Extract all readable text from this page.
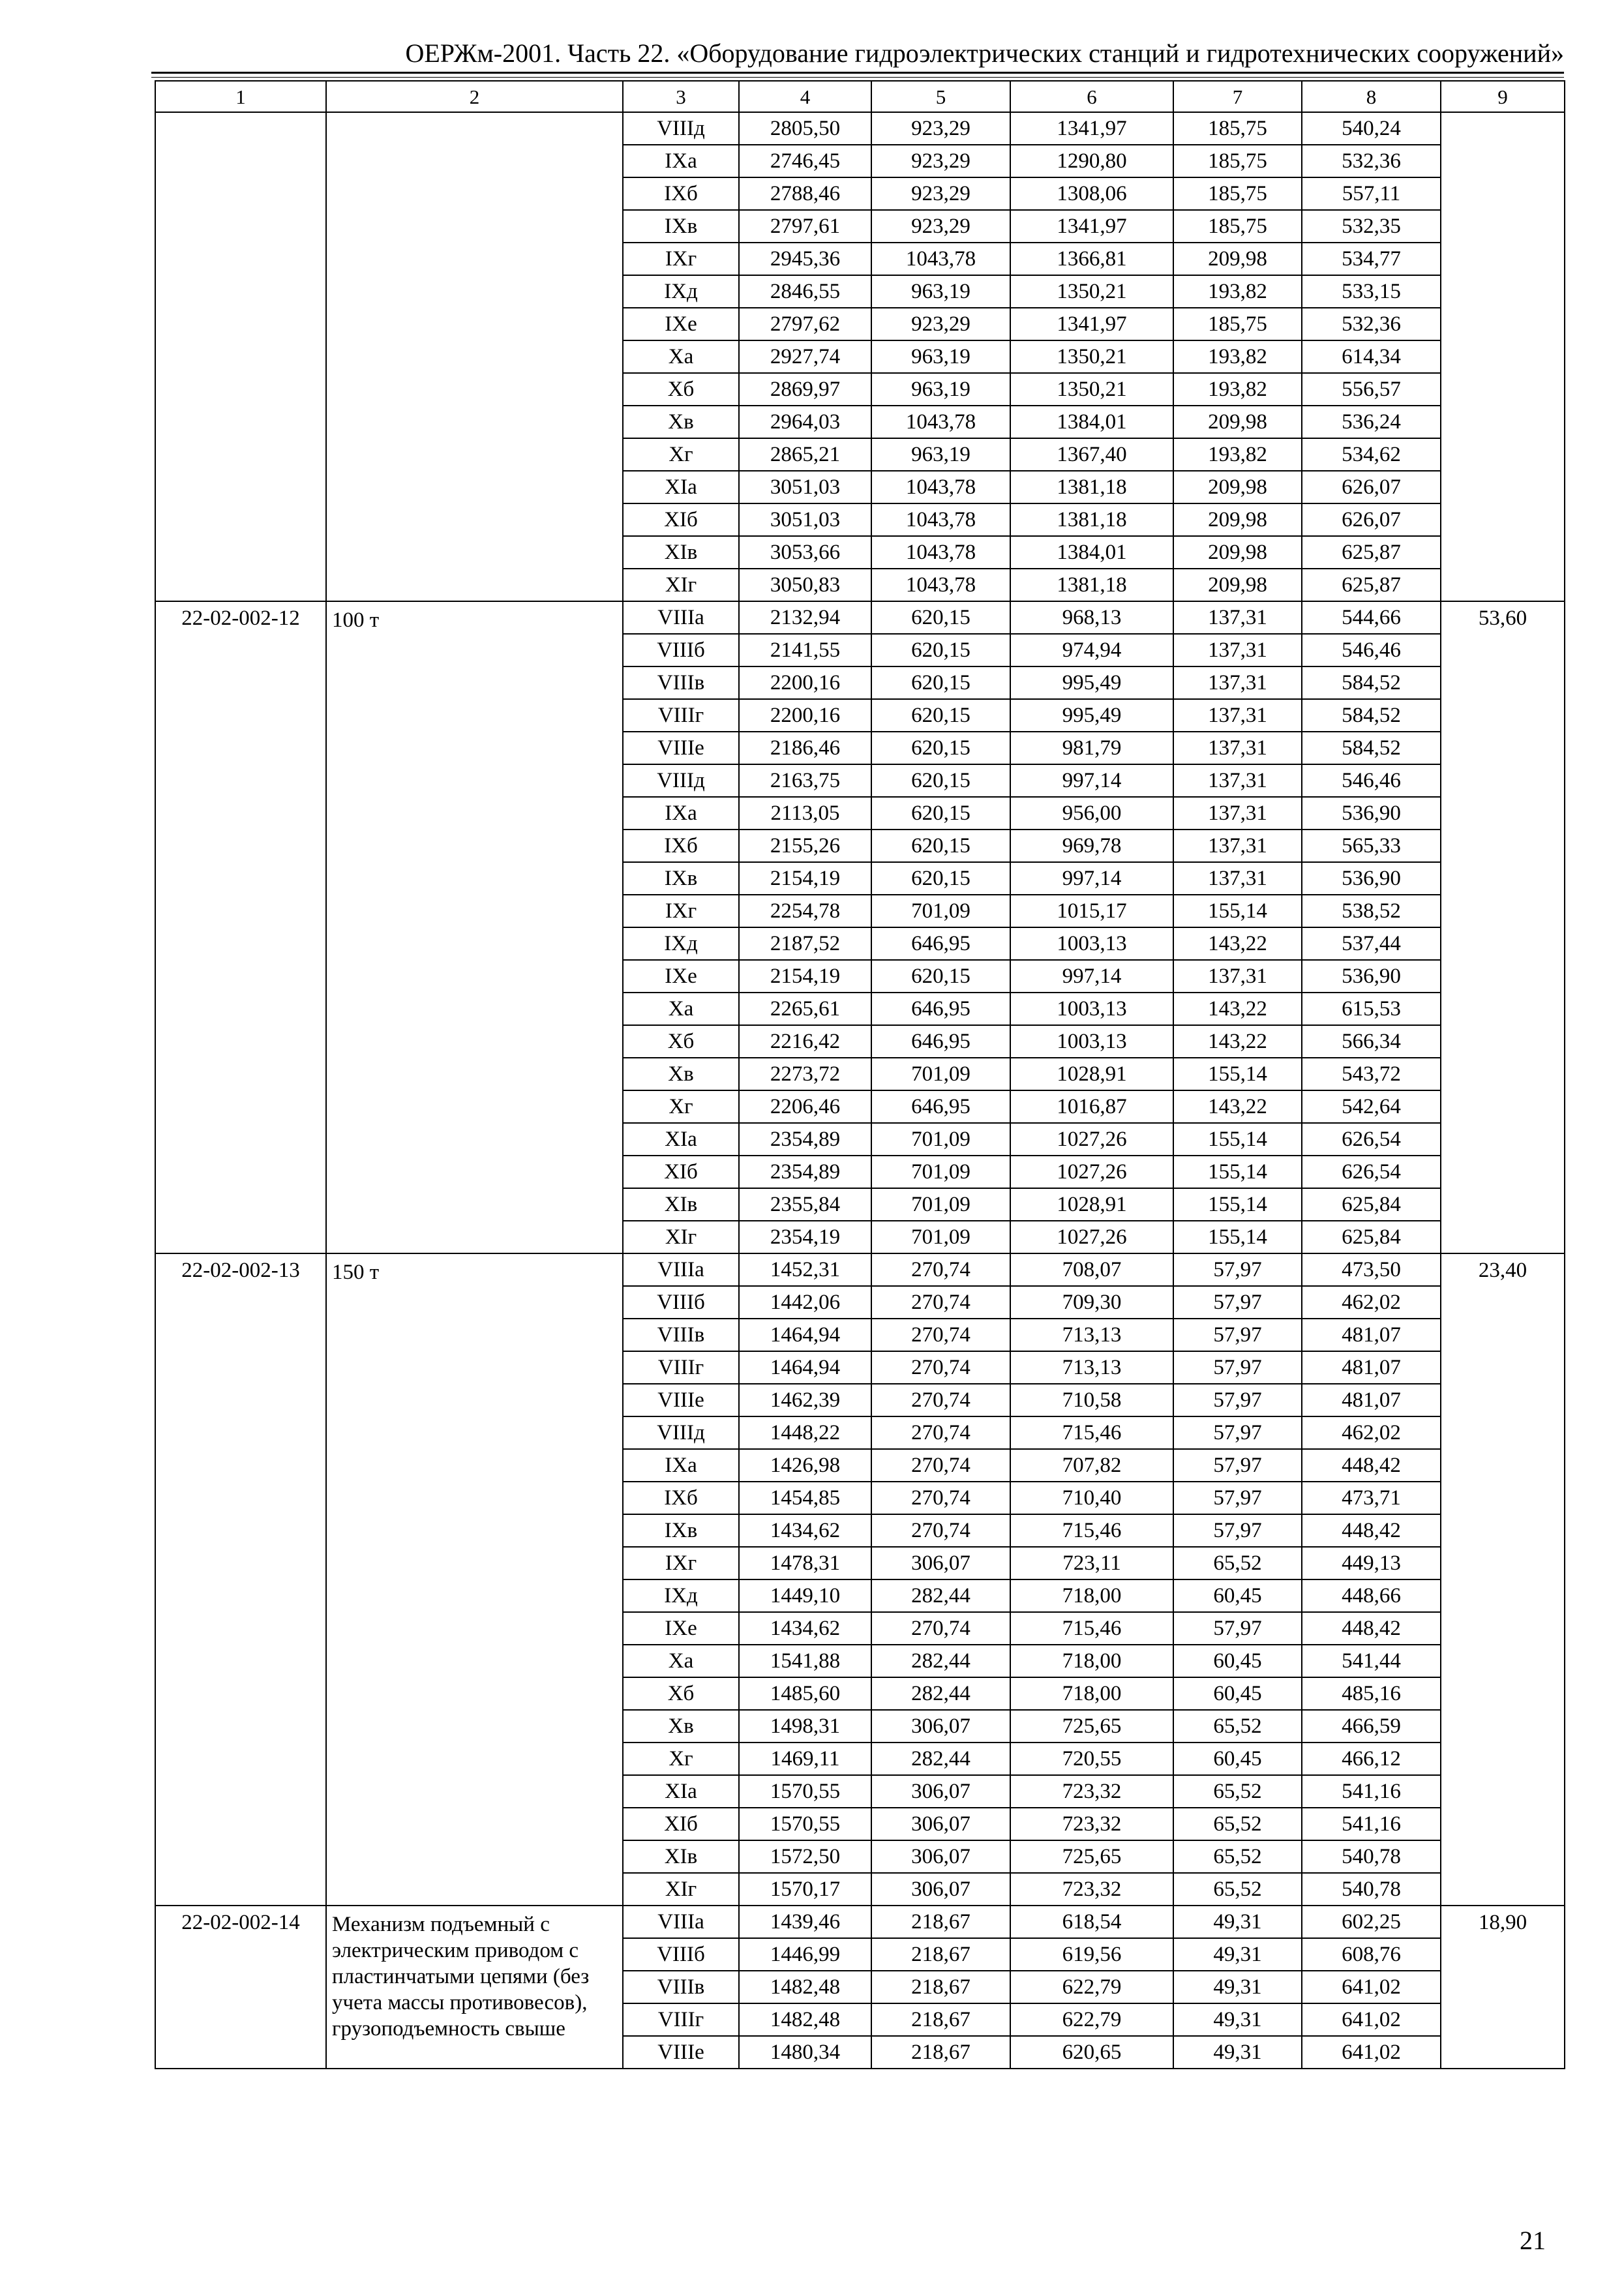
ОЕРЖм-2001. Часть 22. «Оборудование гидроэлектрических станций и гидротехнических сооружений»
1	2	3	4	5	6	7	8	9
		VIIIд	2805,50	923,29	1341,97	185,75	540,24	
		IXа	2746,45	923,29	1290,80	185,75	532,36	
		IXб	2788,46	923,29	1308,06	185,75	557,11	
		IXв	2797,61	923,29	1341,97	185,75	532,35	
		IXг	2945,36	1043,78	1366,81	209,98	534,77	
		IXд	2846,55	963,19	1350,21	193,82	533,15	
		IXе	2797,62	923,29	1341,97	185,75	532,36	
		Xа	2927,74	963,19	1350,21	193,82	614,34	
		Xб	2869,97	963,19	1350,21	193,82	556,57	
		Xв	2964,03	1043,78	1384,01	209,98	536,24	
		Xг	2865,21	963,19	1367,40	193,82	534,62	
		XIа	3051,03	1043,78	1381,18	209,98	626,07	
		XIб	3051,03	1043,78	1381,18	209,98	626,07	
		XIв	3053,66	1043,78	1384,01	209,98	625,87	
		XIг	3050,83	1043,78	1381,18	209,98	625,87	
22-02-002-12	100 т	VIIIа	2132,94	620,15	968,13	137,31	544,66	53,60
		VIIIб	2141,55	620,15	974,94	137,31	546,46	
		VIIIв	2200,16	620,15	995,49	137,31	584,52	
		VIIIг	2200,16	620,15	995,49	137,31	584,52	
		VIIIе	2186,46	620,15	981,79	137,31	584,52	
		VIIIд	2163,75	620,15	997,14	137,31	546,46	
		IXа	2113,05	620,15	956,00	137,31	536,90	
		IXб	2155,26	620,15	969,78	137,31	565,33	
		IXв	2154,19	620,15	997,14	137,31	536,90	
		IXг	2254,78	701,09	1015,17	155,14	538,52	
		IXд	2187,52	646,95	1003,13	143,22	537,44	
		IXе	2154,19	620,15	997,14	137,31	536,90	
		Xа	2265,61	646,95	1003,13	143,22	615,53	
		Xб	2216,42	646,95	1003,13	143,22	566,34	
		Xв	2273,72	701,09	1028,91	155,14	543,72	
		Xг	2206,46	646,95	1016,87	143,22	542,64	
		XIа	2354,89	701,09	1027,26	155,14	626,54	
		XIб	2354,89	701,09	1027,26	155,14	626,54	
		XIв	2355,84	701,09	1028,91	155,14	625,84	
		XIг	2354,19	701,09	1027,26	155,14	625,84	
22-02-002-13	150 т	VIIIа	1452,31	270,74	708,07	57,97	473,50	23,40
		VIIIб	1442,06	270,74	709,30	57,97	462,02	
		VIIIв	1464,94	270,74	713,13	57,97	481,07	
		VIIIг	1464,94	270,74	713,13	57,97	481,07	
		VIIIе	1462,39	270,74	710,58	57,97	481,07	
		VIIIд	1448,22	270,74	715,46	57,97	462,02	
		IXа	1426,98	270,74	707,82	57,97	448,42	
		IXб	1454,85	270,74	710,40	57,97	473,71	
		IXв	1434,62	270,74	715,46	57,97	448,42	
		IXг	1478,31	306,07	723,11	65,52	449,13	
		IXд	1449,10	282,44	718,00	60,45	448,66	
		IXе	1434,62	270,74	715,46	57,97	448,42	
		Xа	1541,88	282,44	718,00	60,45	541,44	
		Xб	1485,60	282,44	718,00	60,45	485,16	
		Xв	1498,31	306,07	725,65	65,52	466,59	
		Xг	1469,11	282,44	720,55	60,45	466,12	
		XIа	1570,55	306,07	723,32	65,52	541,16	
		XIб	1570,55	306,07	723,32	65,52	541,16	
		XIв	1572,50	306,07	725,65	65,52	540,78	
		XIг	1570,17	306,07	723,32	65,52	540,78	
22-02-002-14	Механизм подъемный с электрическим приводом с пластинчатыми цепями (без учета массы противовесов), грузоподъемность свыше	VIIIа	1439,46	218,67	618,54	49,31	602,25	18,90
		VIIIб	1446,99	218,67	619,56	49,31	608,76	
		VIIIв	1482,48	218,67	622,79	49,31	641,02	
		VIIIг	1482,48	218,67	622,79	49,31	641,02	
		VIIIе	1480,34	218,67	620,65	49,31	641,02	
21
